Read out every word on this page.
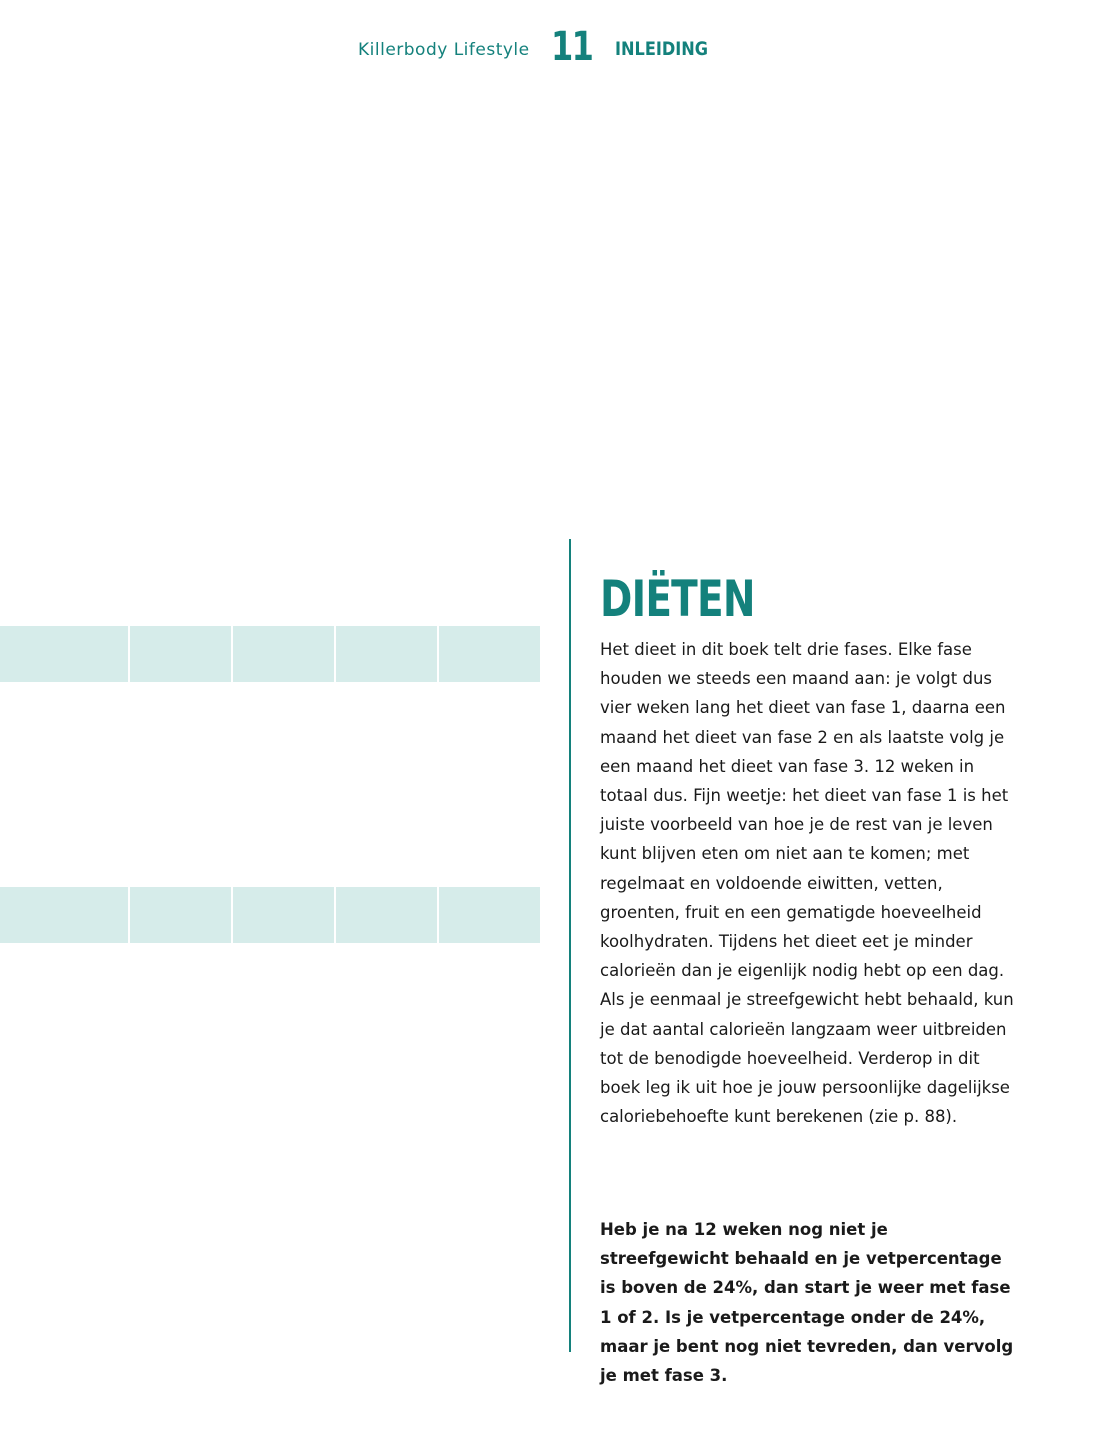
Killerbody Lifestyle 11 INLEIDING
DIËTEN

Het dieet in dit boek telt drie fases. Elke fase houden we steeds een maand aan: je volgt dus vier weken lang het dieet van fase 1, daarna een maand het dieet van fase 2 en als laatste volg je een maand het dieet van fase 3. 12 weken in totaal dus. Fijn weetje: het dieet van fase 1 is het juiste voorbeeld van hoe je de rest van je leven kunt blijven eten om niet aan te komen; met regelmaat en voldoende eiwitten, vetten, groenten, fruit en een gematigde hoeveelheid koolhydraten. Tijdens het dieet eet je minder calorieën dan je eigenlijk nodig hebt op een dag. Als je eenmaal je streefgewicht hebt behaald, kun je dat aantal calorieën langzaam weer uitbreiden tot de benodigde hoeveelheid. Verderop in dit boek leg ik uit hoe je jouw persoonlijke dagelijkse caloriebehoefte kunt berekenen (zie p. 88).

Heb je na 12 weken nog niet je streefgewicht behaald en je vetpercentage is boven de 24%, dan start je weer met fase 1 of 2. Is je vetpercentage onder de 24%, maar je bent nog niet tevreden, dan vervolg je met fase 3.
